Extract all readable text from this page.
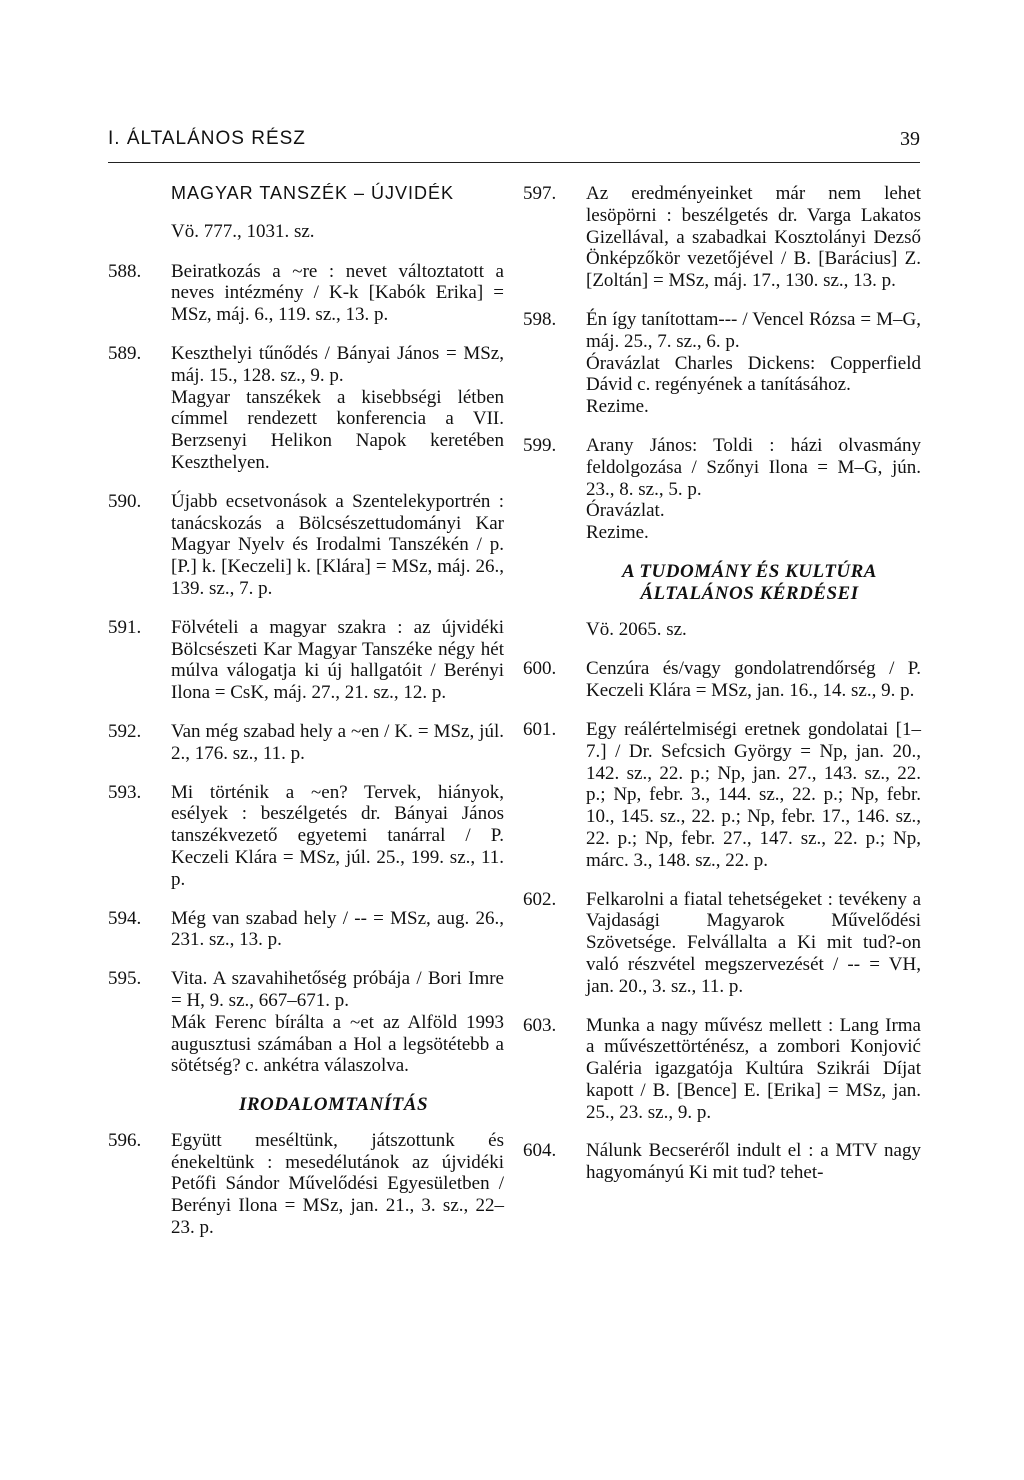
I. ÁLTALÁNOS RÉSZ	39
MAGYAR TANSZÉK – ÚJVIDÉK
Vö. 777., 1031. sz.
588.	Beiratkozás a ~re : nevet változtatott a neves intézmény / K-k [Kabók Erika] = MSz, máj. 6., 119. sz., 13. p.

589.	Keszthelyi tűnődés / Bányai János = MSz, máj. 15., 128. sz., 9. p.

Magyar tanszékek a kisebbségi létben címmel rendezett konferencia a VII. Berzsenyi Helikon Napok keretében Keszthelyen.

590.	Újabb ecsetvonások a Szentelekyportrén : tanácskozás a Bölcsészettudományi Kar Magyar Nyelv és Irodalmi Tanszékén / p. [P.] k. [Keczeli] k. [Klára] = MSz, máj. 26., 139. sz., 7. p.

591.	Fölvételi a magyar szakra : az újvidéki Bölcsészeti Kar Magyar Tanszéke négy hét múlva válogatja ki új hallgatóit / Berényi Ilona = CsK, máj. 27., 21. sz., 12. p.

592.	Van még szabad hely a ~en / K. = MSz, júl. 2., 176. sz., 11. p.

593.	Mi történik a ~en? Tervek, hiányok, esélyek : beszélgetés dr. Bányai János tanszékvezető egyetemi tanárral / P. Keczeli Klára = MSz, júl. 25., 199. sz., 11. p.

594.	Még van szabad hely / -- = MSz, aug. 26., 231. sz., 13. p.

595.	Vita. A szavahihetőség próbája / Bori Imre = H, 9. sz., 667–671. p.

Mák Ferenc bírálta a ~et az Alföld 1993 augusztusi számában a Hol a legsötétebb a sötétség? c. ankétra válaszolva.

IRODALOMTANÍTÁS
596.	Együtt meséltünk, játszottunk és énekeltünk : mesedélutánok az újvidéki Petőfi Sándor Művelődési Egyesületben / Berényi Ilona = MSz, jan. 21., 3. sz., 22–23. p.

597.	Az eredményeinket már nem lehet lesöpörni : beszélgetés dr. Varga Lakatos Gizellával, a szabadkai Kosztolányi Dezső Önképzőkör vezetőjével / B. [Barácius] Z. [Zoltán] = MSz, máj. 17., 130. sz., 13. p.

598.	Én így tanítottam--- / Vencel Rózsa = M–G, máj. 25., 7. sz., 6. p.

Óravázlat Charles Dickens: Copperfield Dávid c. regényének a tanításához.

Rezime.

599.	Arany János: Toldi : házi olvasmány feldolgozása / Szőnyi Ilona = M–G, jún. 23., 8. sz., 5. p.

Óravázlat.

Rezime.

A TUDOMÁNY ÉS KULTÚRA
ÁLTALÁNOS KÉRDÉSEI
Vö. 2065. sz.
600.	Cenzúra és/vagy gondolatrendőrség / P. Keczeli Klára = MSz, jan. 16., 14. sz., 9. p.

601.	Egy reálértelmiségi eretnek gondolatai [1–7.] / Dr. Sefcsich György = Np, jan. 20., 142. sz., 22. p.; Np, jan. 27., 143. sz., 22. p.; Np, febr. 3., 144. sz., 22. p.; Np, febr. 10., 145. sz., 22. p.; Np, febr. 17., 146. sz., 22. p.; Np, febr. 27., 147. sz., 22. p.; Np, márc. 3., 148. sz., 22. p.

602.	Felkarolni a fiatal tehetségeket : tevékeny a Vajdasági Magyarok Művelődési Szövetsége. Felvállalta a Ki mit tud?-on való részvétel megszervezését / -- = VH, jan. 20., 3. sz., 11. p.

603.	Munka a nagy művész mellett : Lang Irma a művészettörténész, a zombori Konjović Galéria igazgatója Kultúra Szikrái Díjat kapott / B. [Bence] E. [Erika] = MSz, jan. 25., 23. sz., 9. p.

604.	Nálunk Becseréről indult el : a MTV nagy hagyományú Ki mit tud? tehet-
